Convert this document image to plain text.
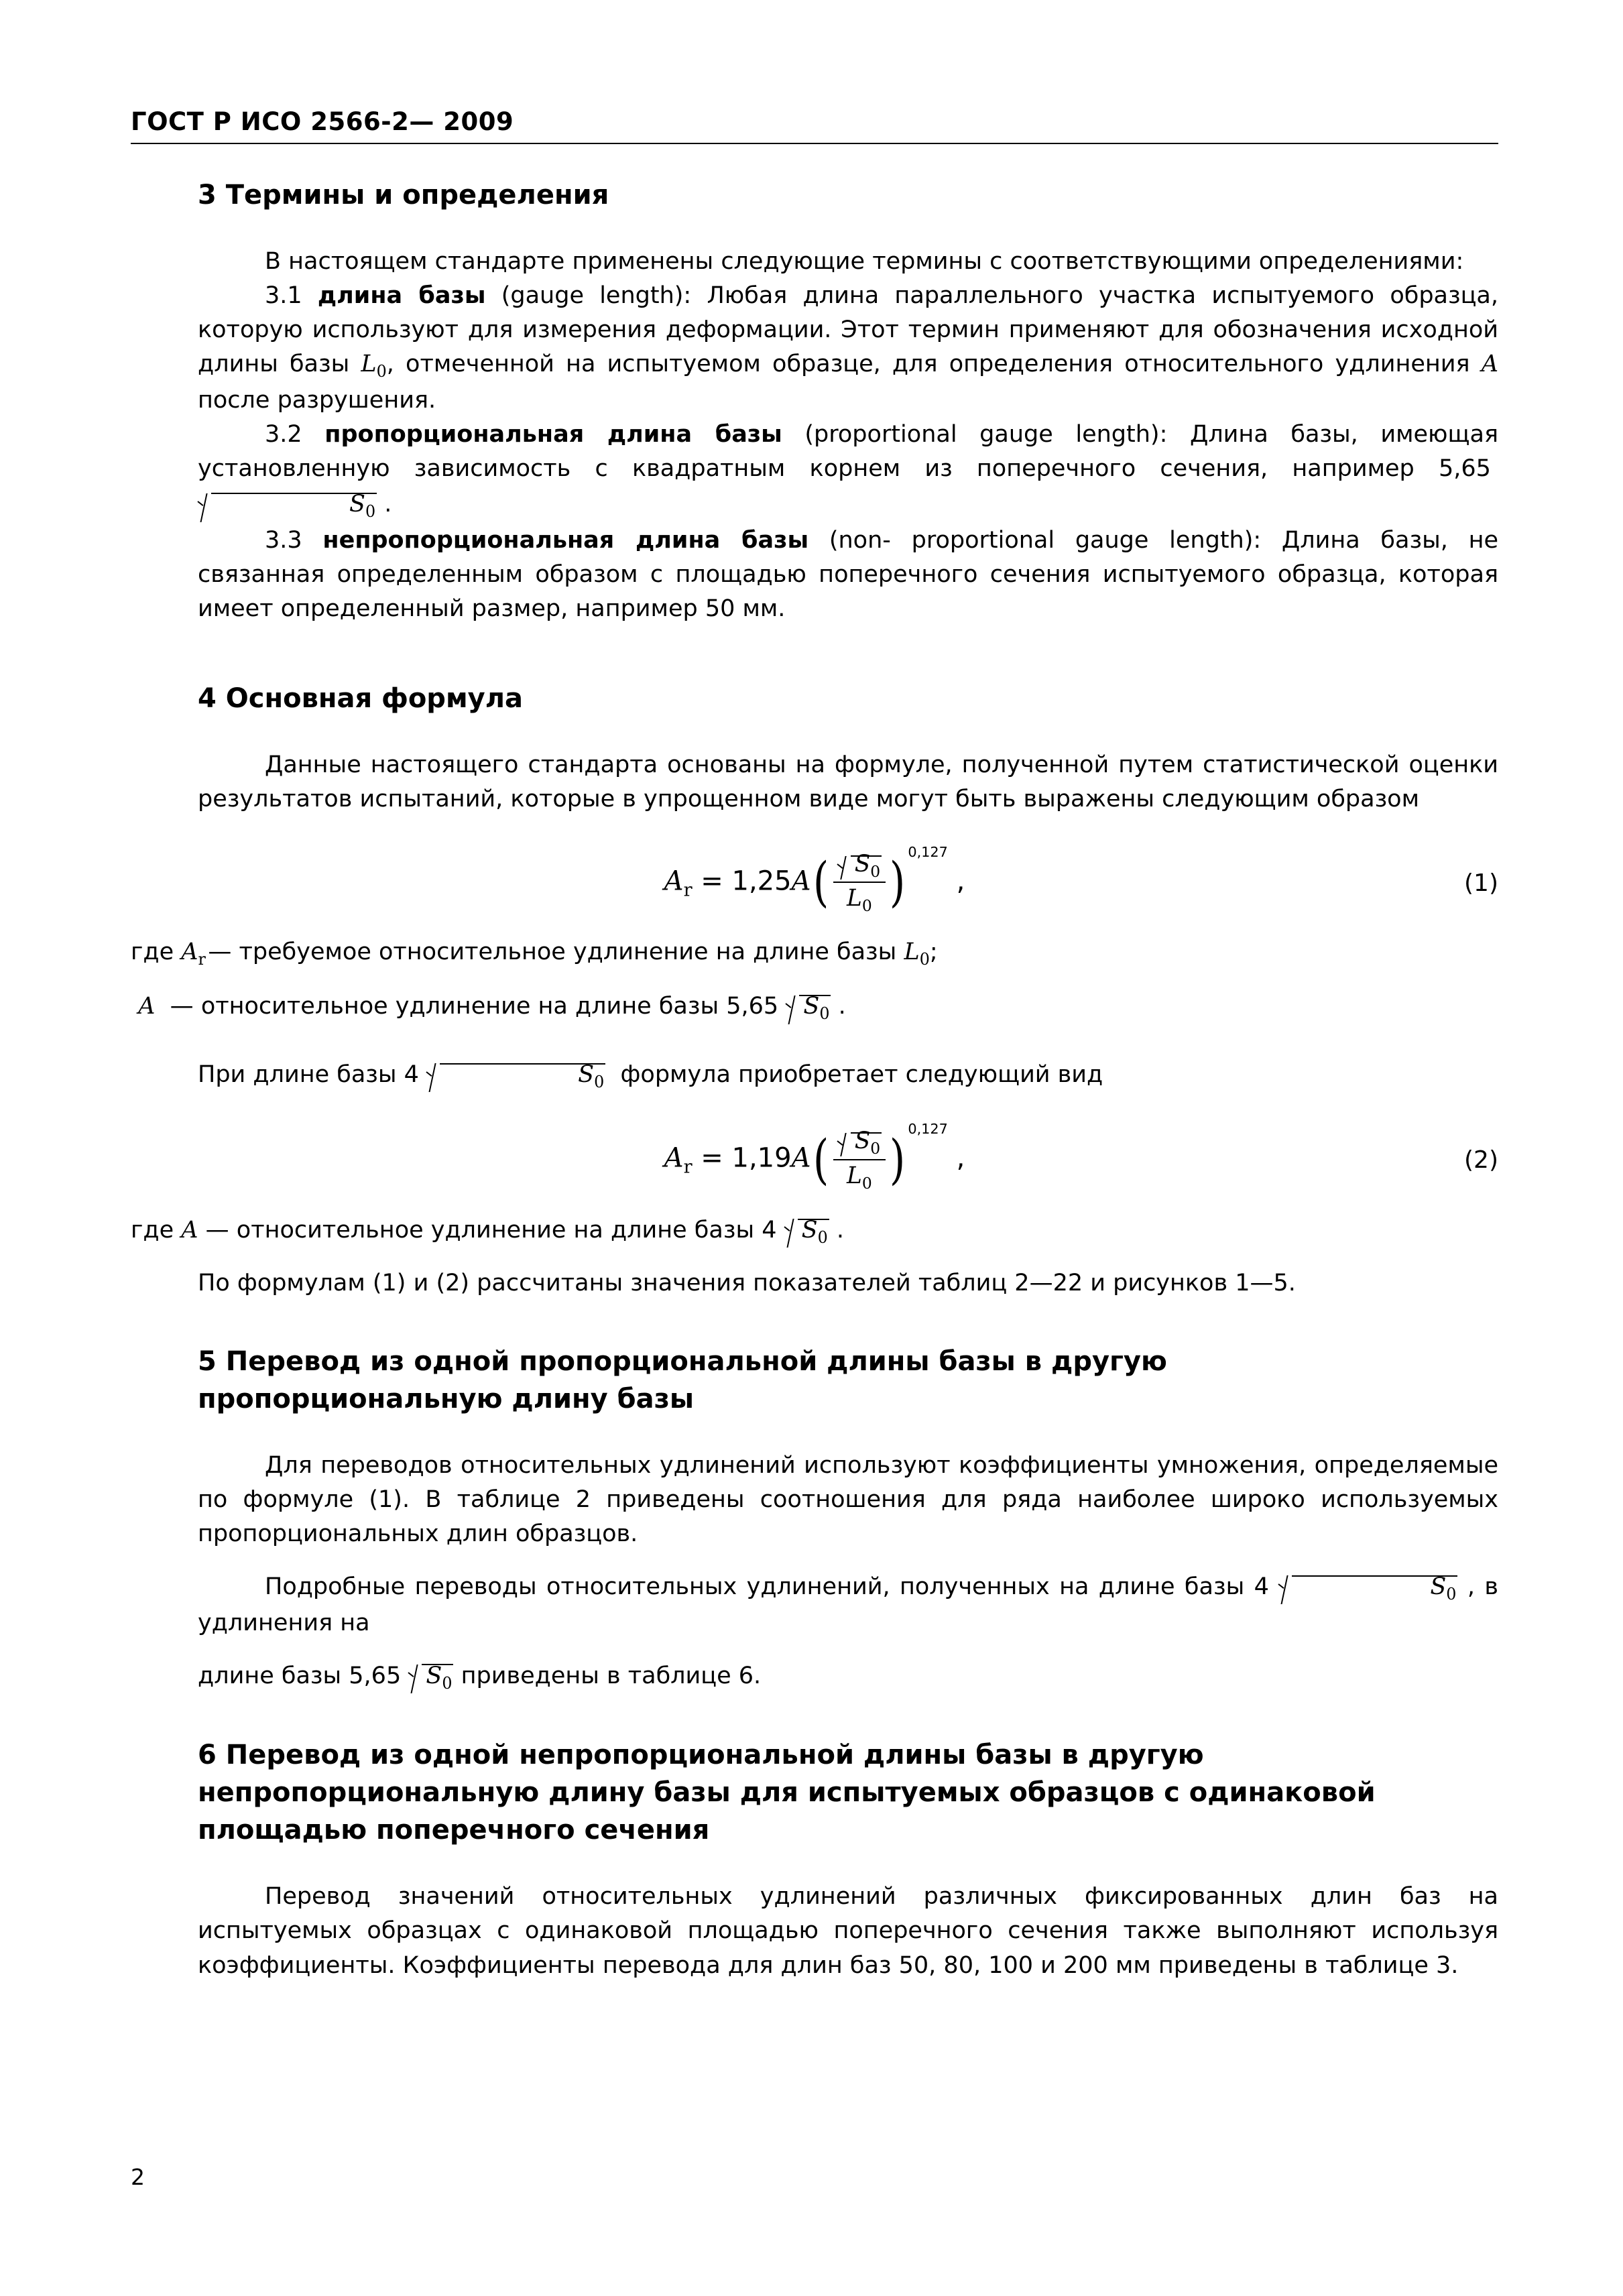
ГОСТ Р ИСО 2566-2— 2009
3 Термины и определения

В настоящем стандарте применены следующие термины с соответствующими определениями:

3.1 длина базы (gauge length): Любая длина параллельного участка испытуемого образца, которую используют для измерения деформации. Этот термин применяют для обозначения исходной длины базы $L_0$, отмеченной на испытуемом образце, для определения относительного удлинения A после разрушения.

3.2 пропорциональная длина базы (proportional gauge length): Длина базы, имеющая установленную зависимость с квадратным корнем из поперечного сечения, например 5,65
$S_0$ .

3.3 непропорциональная длина базы (non- proportional gauge length): Длина базы, не связанная определенным образом с площадью поперечного сечения испытуемого образца, которая имеет определенный размер, например 50 мм.

4 Основная формула

Данные настоящего стандарта основаны на формуле, полученной путем статистической оценки результатов испытаний, которые в упрощенном виде могут быть выражены следующим образом

$A_r = 1,25A( \frac{S_0}{L_0}$ ) $^{0,127}$ ,	(1)

где $A_r$ — требуемое относительное удлинение на длине базы $L_0$;

A  — относительное удлинение на длине базы 5,65 $S_0$ .

При длине базы 4	$S_0$ формула приобретает следующий вид

$A_r = 1,19A( \frac{S_0}{L_0}$ ) $^{0,127}$ ,	(2)

где A — относительное удлинение на длине базы 4 $S_0$ .

По формулам (1) и (2) рассчитаны значения показателей таблиц 2—22 и рисунков 1—5.

5 Перевод из одной пропорциональной длины базы в другую
пропорциональную длину базы

Для переводов относительных удлинений используют коэффициенты умножения, определяемые по формуле (1). В таблице 2 приведены соотношения для ряда наиболее широко используемых пропорциональных длин образцов.

Подробные переводы относительных удлинений, полученных на длине базы 4	$S_0$ , в удлинения на

длине базы 5,65 $S_0$ приведены в таблице 6.

6 Перевод из одной непропорциональной длины базы в другую
непропорциональную длину базы для испытуемых образцов с одинаковой
площадью поперечного сечения

Перевод значений относительных удлинений различных фиксированных длин баз на испытуемых образцах с одинаковой площадью поперечного сечения также выполняют используя коэффициенты. Коэффициенты перевода для длин баз 50, 80, 100 и 200 мм приведены в таблице 3.

2
